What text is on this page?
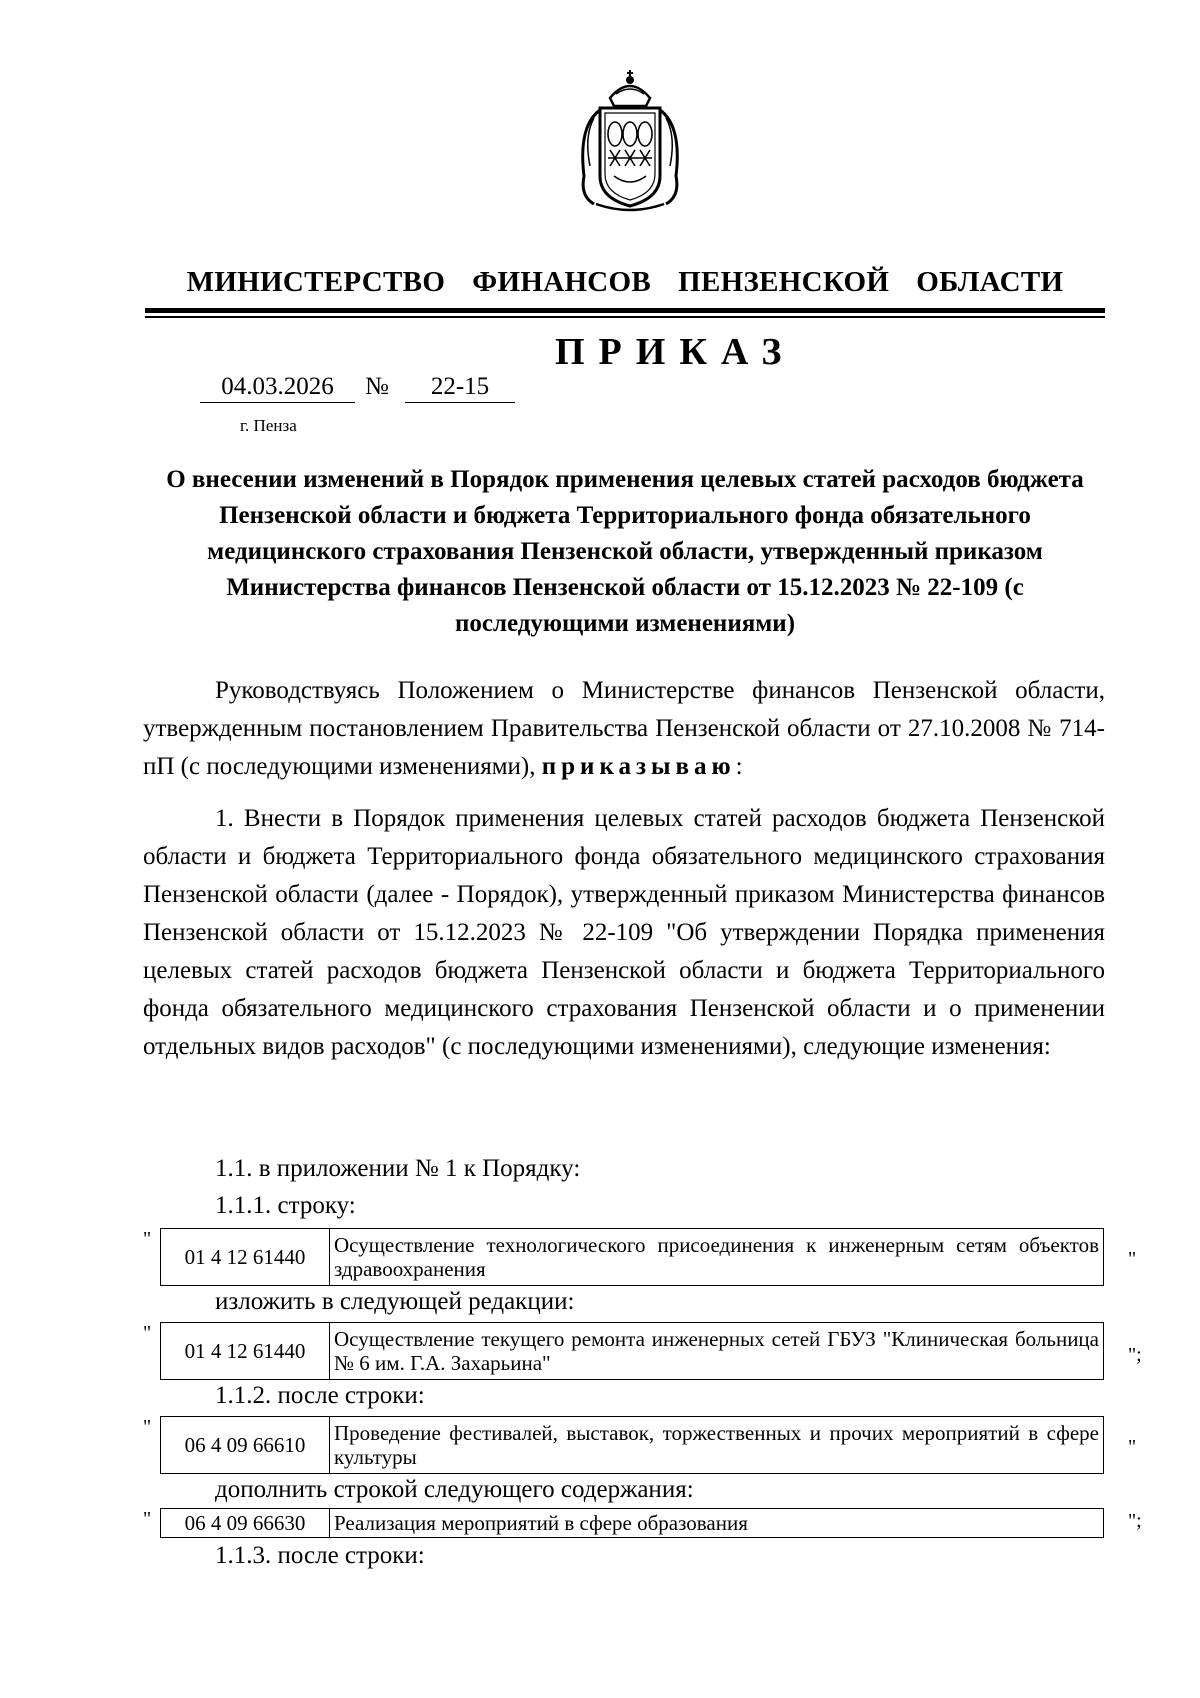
МИНИСТЕРСТВО  ФИНАНСОВ  ПЕНЗЕНСКОЙ  ОБЛАСТИ
ПРИКАЗ
04.03.2026	№	22-15
г. Пенза
О внесении изменений в Порядок применения целевых статей расходов бюджета Пензенской области и бюджета Территориального фонда обязательного медицинского страхования Пензенской области, утвержденный приказом Министерства финансов Пензенской области от 15.12.2023 № 22-109 (с последующими изменениями)
Руководствуясь Положением о Министерстве финансов Пензенской области, утвержденным постановлением Правительства Пензенской области от 27.10.2008 № 714-пП (с последующими изменениями), приказываю:
1. Внести в Порядок применения целевых статей расходов бюджета Пензенской области и бюджета Территориального фонда обязательного медицинского страхования Пензенской области (далее - Порядок), утвержденный приказом Министерства финансов Пензенской области от 15.12.2023 № 22-109 "Об утверждении Порядка применения целевых статей расходов бюджета Пензенской области и бюджета Территориального фонда обязательного медицинского страхования Пензенской области и о применении отдельных видов расходов" (с последующими изменениями), следующие изменения:
1.1. в приложении № 1 к Порядку:
1.1.1. строку:
"
01 4 12 61440	Осуществление технологического присоединения к инженерным сетям объектов здравоохранения	"
изложить в следующей редакции:
"
01 4 12 61440	Осуществление текущего ремонта инженерных сетей ГБУЗ "Клиническая больница № 6 им. Г.А. Захарьина"	";
1.1.2. после строки:
"
06 4 09 66610	Проведение фестивалей, выставок, торжественных и прочих мероприятий в сфере культуры	"
дополнить строкой следующего содержания:
" 06 4 09 66630	Реализация мероприятий в сфере образования	";
1.1.3. после строки:
